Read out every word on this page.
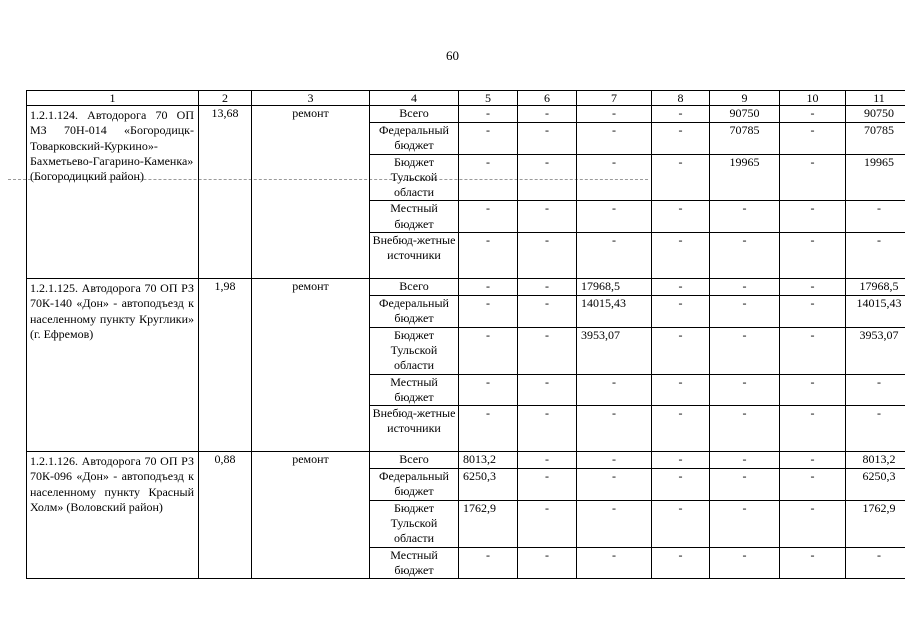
60
1	2	3	4	5	6	7	8	9	10	11
1.2.1.124. Автодорога 70 ОП МЗ 70Н-014 «Богородицк-Товарковский-Куркино»-Бахметьево-Гагарино-Каменка» (Богородицкий район)	13,68	ремонт	Всего	-	-	-	-	90750	-	90750
			Федеральный бюджет	-	-	-	-	70785	-	70785
			Бюджет Тульской области	-	-	-	-	19965	-	19965
			Местный бюджет	-	-	-	-	-	-	-
			Внебюд-жетные источники	-	-	-	-	-	-	-
1.2.1.125. Автодорога 70 ОП РЗ 70К-140 «Дон» - автоподъезд к населенному пункту Круглики» (г. Ефремов)	1,98	ремонт	Всего	-	-	17968,5	-	-	-	17968,5
			Федеральный бюджет	-	-	14015,43	-	-	-	14015,43
			Бюджет Тульской области	-	-	3953,07	-	-	-	3953,07
			Местный бюджет	-	-	-	-	-	-	-
			Внебюд-жетные источники	-	-	-	-	-	-	-
1.2.1.126. Автодорога 70 ОП РЗ 70К-096 «Дон» - автоподъезд к населенному пункту Красный Холм» (Воловский район)	0,88	ремонт	Всего	8013,2	-	-	-	-	-	8013,2
			Федеральный бюджет	6250,3	-	-	-	-	-	6250,3
			Бюджет Тульской области	1762,9	-	-	-	-	-	1762,9
			Местный бюджет	-	-	-	-	-	-	-
